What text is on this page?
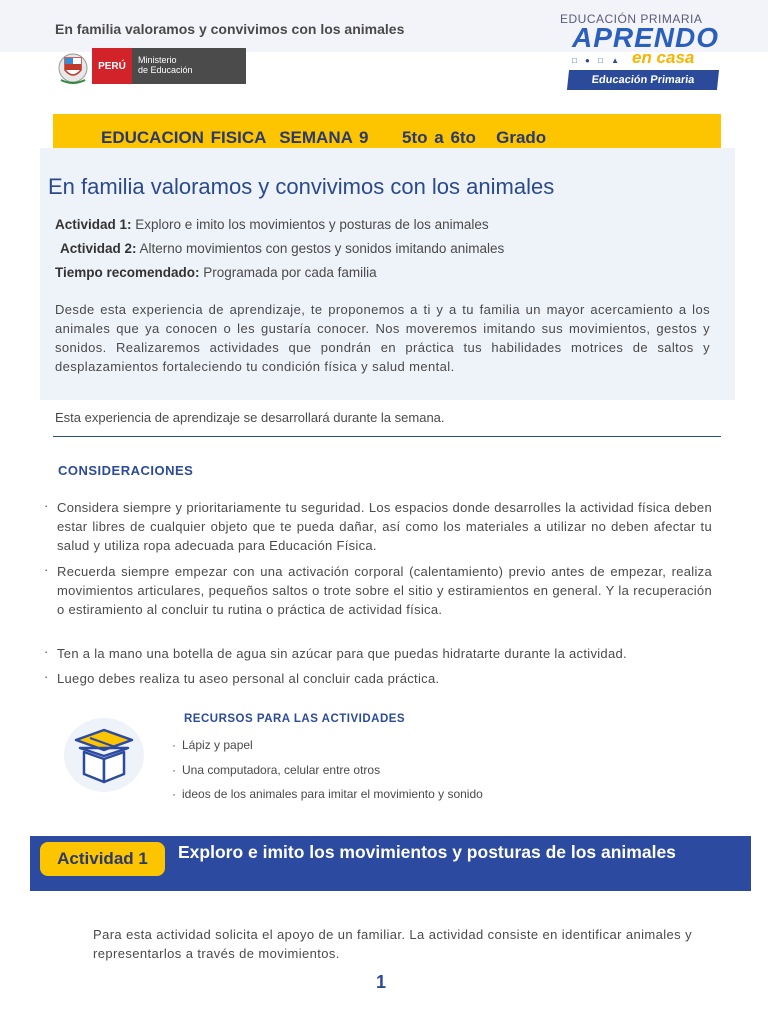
En familia valoramos y convivimos con los animales
PERÚ
Ministerio
de Educación
EDUCACIÓN PRIMARIA
APRENDO
□ ● □ ▲ en casa
Educación Primaria
EDUCACION FISICA  SEMANA 9     5to a 6to   Grado
En familia valoramos y convivimos con los animales
Actividad 1: Exploro e imito los movimientos y posturas de los animales
Actividad 2: Alterno movimientos con gestos y sonidos imitando animales
Tiempo recomendado: Programada por cada familia

Desde esta experiencia de aprendizaje, te proponemos a ti y a tu familia un mayor acercamiento a los animales que ya conocen o les gustaría conocer. Nos moveremos imitando sus movimientos, gestos y sonidos. Realizaremos actividades que pondrán en práctica tus habilidades motrices de saltos y desplazamientos fortaleciendo tu condición física y salud mental.

Esta experiencia de aprendizaje se desarrollará durante la semana.
CONSIDERACIONES
· Considera siempre y prioritariamente tu seguridad. Los espacios donde desarrolles la actividad física deben estar libres de cualquier objeto que te pueda dañar, así como los materiales a utilizar no deben afectar tu salud y utiliza ropa adecuada para Educación Física.

· Recuerda siempre empezar con una activación corporal (calentamiento) previo antes de empezar, realiza movimientos articulares, pequeños saltos o trote sobre el sitio y estiramientos en general. Y la recuperación o estiramiento al concluir tu rutina o práctica de actividad física.

· Ten a la mano una botella de agua sin azúcar para que puedas hidratarte durante la actividad.

· Luego debes realiza tu aseo personal al concluir cada práctica.

RECURSOS PARA LAS ACTIVIDADES
· Lápiz y papel
· Una computadora, celular entre otros
· ideos de los animales para imitar el movimiento y sonido
Actividad 1	Exploro e imito los movimientos y posturas de los animales

Para esta actividad solicita el apoyo de un familiar. La actividad consiste en identificar animales y representarlos a través de movimientos.

1
